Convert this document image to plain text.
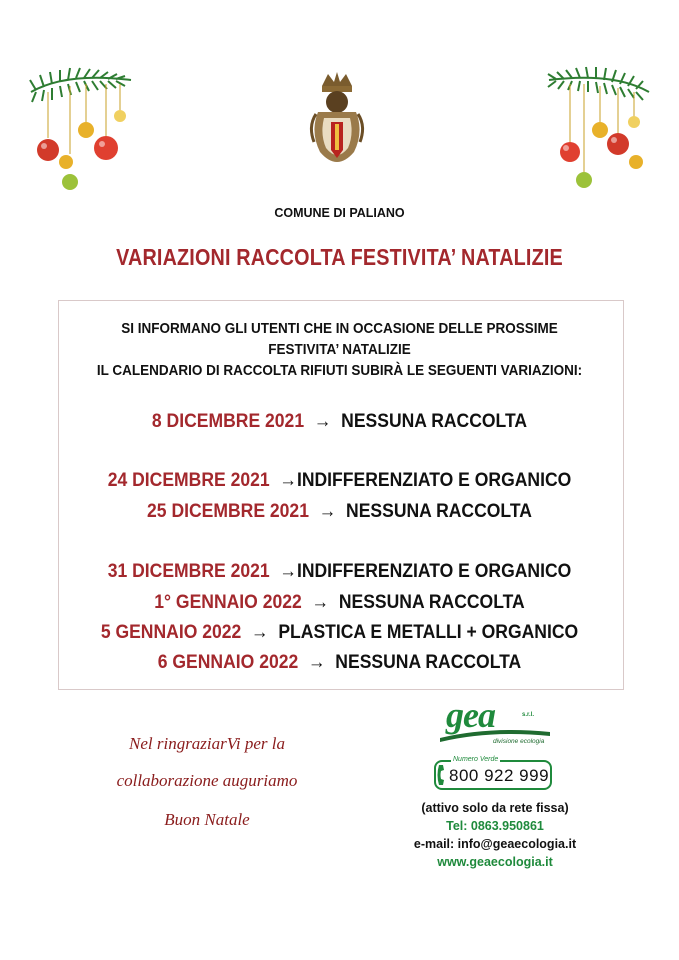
COMUNE DI PALIANO
VARIAZIONI RACCOLTA FESTIVITA’ NATALIZIE
SI INFORMANO GLI UTENTI CHE IN OCCASIONE DELLE PROSSIME
FESTIVITA’ NATALIZIE
IL CALENDARIO DI RACCOLTA RIFIUTI SUBIRÀ LE SEGUENTI VARIAZIONI:
8 DICEMBRE 2021 → NESSUNA RACCOLTA
24 DICEMBRE 2021 →INDIFFERENZIATO E ORGANICO
25 DICEMBRE 2021 → NESSUNA RACCOLTA
31 DICEMBRE 2021 →INDIFFERENZIATO E ORGANICO
1° GENNAIO 2022 → NESSUNA RACCOLTA
5 GENNAIO 2022 → PLASTICA E METALLI + ORGANICO
6 GENNAIO 2022 → NESSUNA RACCOLTA
Nel ringraziarVi per la
collaborazione auguriamo
Buon Natale
gea	s.r.l.
divisione ecologia
Numero Verde
800 922 999
(attivo solo da rete fissa)
Tel: 0863.950861
e-mail: info@geaecologia.it
www.geaecologia.it
